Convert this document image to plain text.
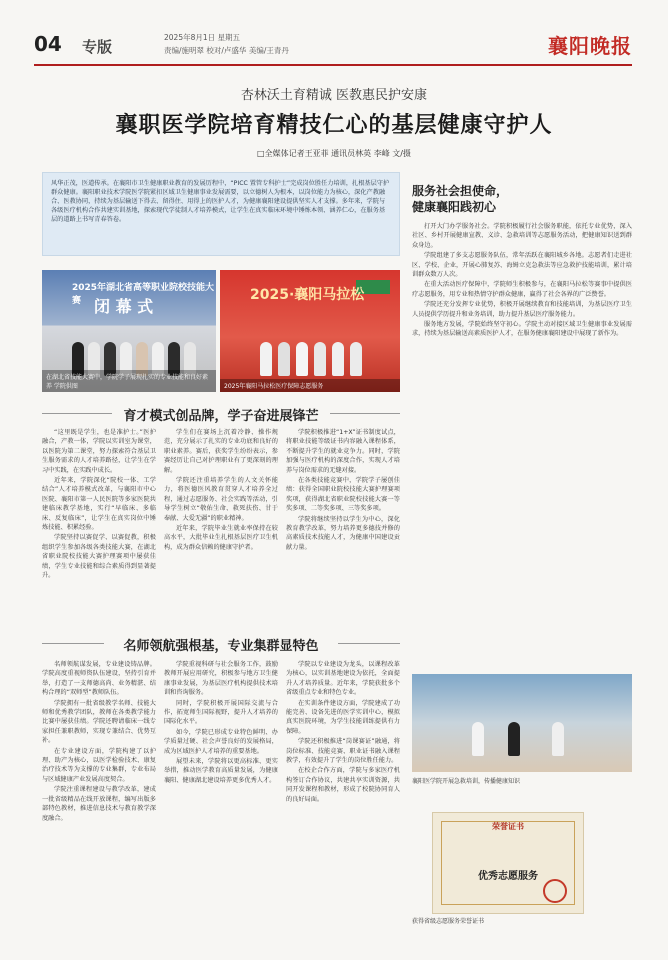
04 专版
2025年8月1日 星期五
责编/施明翠 校对/卢盛华 美编/王青丹	襄阳晚报
杏林沃土育精诚 医教惠民护安康
襄职医学院培育精技仁心的基层健康守护人
□全媒体记者王亚菲 通讯员林英 李峰 文/摄

风华正茂，医道传承。在襄阳市卫生健康职业教育的发展历程中，“PICC 置管专科护士”完成岗位胜任力培训，扎根基层守护群众健康。襄阳职业技术学院医学院紧扣区域卫生健康事业发展需要，以立德树人为根本，以岗位能力为核心，深化产教融合、医教协同，持续为基层输送下得去、留得住、用得上的医护人才，为健康襄阳建设提供坚实人才支撑。多年来，学院与各级医疗机构合作共建实训基地，探索现代学徒制人才培养模式，让学生在真实临床环境中锤炼本领、涵养仁心，在服务基层的道路上书写青春答卷。

2025年湖北省高等职业院校技能大赛 闭 幕 式
在湖北省技能大赛中，学院学子展现扎实的专业技能和良好素养 学院供图
2025·襄阳马拉松
2025年襄阳马拉松医疗保障志愿服务
育才模式创品牌，学子奋进展锋芒

“这里既是学生，也是准护士。”医护融合，产教一体，学院以实训室为课堂，以医院为第二课堂，努力探索符合基层卫生服务需求的人才培养路径，让学生在学习中实践，在实践中成长。

近年来，学院深化“院校一体、工学结合”人才培养模式改革，与襄阳市中心医院、襄阳市第一人民医院等多家医院共建临床教学基地，实行“早临床、多临床、反复临床”，让学生在真实岗位中锤炼技能、积累经验。

学院坚持以赛促学、以赛促教，积极组织学生参加各级各类技能大赛，在湖北省职业院校技能大赛护理赛项中屡获佳绩，学生专业技能和综合素质得到显著提升。

学生们在赛场上沉着冷静、操作规范，充分展示了扎实的专业功底和良好的职业素养。赛后，获奖学生纷纷表示，参赛经历让自己对护理职业有了更深刻的理解。

学院还注重培养学生的人文关怀能力，将医德医风教育贯穿人才培养全过程，通过志愿服务、社会实践等活动，引导学生树立“敬佑生命、救死扶伤、甘于奉献、大爱无疆”的职业精神。

近年来，学院毕业生就业率保持在较高水平，大批毕业生扎根基层医疗卫生机构，成为群众信赖的健康守护者。

学院积极推进“1+X”证书制度试点，将职业技能等级证书内容融入课程体系，不断提升学生的就业竞争力。同时，学院加强与医疗机构的深度合作，实现人才培养与岗位需求的无缝对接。

在各类技能竞赛中，学院学子屡创佳绩：获得全国职业院校技能大赛护理赛项奖项，获得湖北省职业院校技能大赛一等奖多项、二等奖多项、三等奖多项。

学院将继续坚持以学生为中心，深化教育教学改革，努力培养更多德技并修的高素质技术技能人才，为健康中国建设贡献力量。

名师领航强根基，专业集群显特色

名师领航谋发展，专业建设铸品牌。学院高度重视师资队伍建设，坚持引育并举，打造了一支师德高尚、业务精湛、结构合理的“双师型”教师队伍。

学院拥有一批省级教学名师、技能大师和优秀教学团队，教师在各类教学能力比赛中屡获佳绩。学院还聘请临床一线专家担任兼职教师，实现专兼结合、优势互补。

在专业建设方面，学院构建了以护理、助产为核心，以医学检验技术、康复治疗技术等为支撑的专业集群，专业布局与区域健康产业发展高度契合。

学院注重课程建设与教学改革，建成一批省级精品在线开放课程，编写出版多部特色教材，推进信息技术与教育教学深度融合。

学院重视科研与社会服务工作，鼓励教师开展应用研究，积极参与地方卫生健康事业发展，为基层医疗机构提供技术培训和咨询服务。

同时，学院积极开展国际交流与合作，拓宽师生国际视野，提升人才培养的国际化水平。

如今，学院已形成专业特色鲜明、办学质量过硬、社会声誉良好的发展格局，成为区域医护人才培养的重要基地。

展望未来，学院将以更高标准、更实举措，推动医学教育高质量发展，为健康襄阳、健康湖北建设培养更多优秀人才。

学院以专业建设为龙头，以课程改革为核心，以实训基地建设为依托，全面提升人才培养质量。近年来，学院获批多个省级重点专业和特色专业。

在实训条件建设方面，学院建成了功能完善、设备先进的医学实训中心，模拟真实医院环境，为学生技能训练提供有力保障。

学院还积极推进“岗课赛证”融通，将岗位标准、技能竞赛、职业证书融入课程教学，有效提升了学生的岗位胜任能力。

在校企合作方面，学院与多家医疗机构签订合作协议，共建共享实训资源，共同开发课程和教材，形成了校院协同育人的良好局面。

服务社会担使命，
健康襄阳践初心

打开大门办学服务社会。学院积极履行社会服务职能，依托专业优势，深入社区、乡村开展健康宣教、义诊、急救培训等志愿服务活动，把健康知识送到群众身边。

学院组建了多支志愿服务队伍，常年活跃在襄阳城乡各地。志愿者们走进社区、学校、企业，开展心肺复苏、海姆立克急救法等应急救护技能培训，累计培训群众数万人次。

在重大活动医疗保障中，学院师生积极参与，在襄阳马拉松等赛事中提供医疗志愿服务，用专业和热情守护群众健康，赢得了社会各界的广泛赞誉。

学院还充分发挥专业优势，积极开展继续教育和技能培训，为基层医疗卫生人员提供学历提升和业务培训，助力提升基层医疗服务能力。

服务地方发展，学院始终坚守初心。学院主动对接区域卫生健康事业发展需求，持续为基层输送高素质医护人才，在服务健康襄阳建设中展现了新作为。

襄阳医学院开展急救培训，传播健康知识
荣誉证书
优秀志愿服务
获得省级志愿服务荣誉证书
